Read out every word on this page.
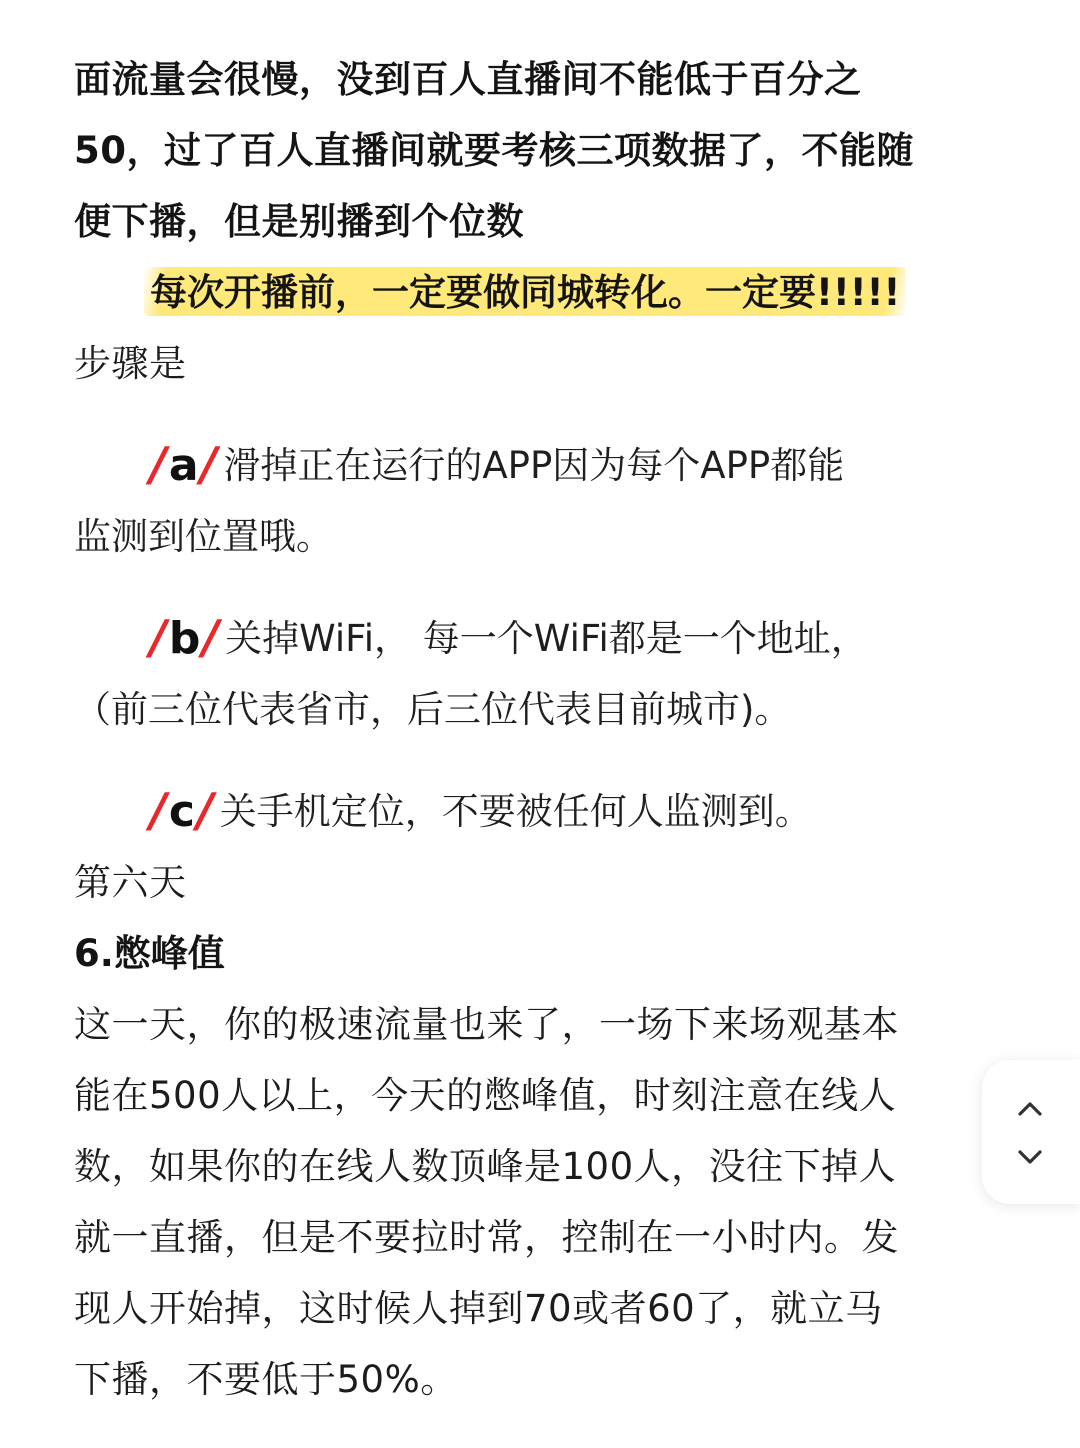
面流量会很慢，没到百人直播间不能低于百分之

50，过了百人直播间就要考核三项数据了，不能随

便下播，但是别播到个位数

每次开播前，一定要做同城转化。一定要!!!!!

步骤是

/a/ 滑掉正在运行的APP因为每个APP都能

监测到位置哦。

/b/ 关掉WiFi， 每一个WiFi都是一个地址，

（前三位代表省市，后三位代表目前城市)。

/c/ 关手机定位，不要被任何人监测到。

第六天

6.憋峰值

这一天，你的极速流量也来了，一场下来场观基本

能在500人以上，今天的憋峰值，时刻注意在线人

数，如果你的在线人数顶峰是100人，没往下掉人

就一直播，但是不要拉时常，控制在一小时内。发

现人开始掉，这时候人掉到70或者60了，就立马

下播，不要低于50%。
